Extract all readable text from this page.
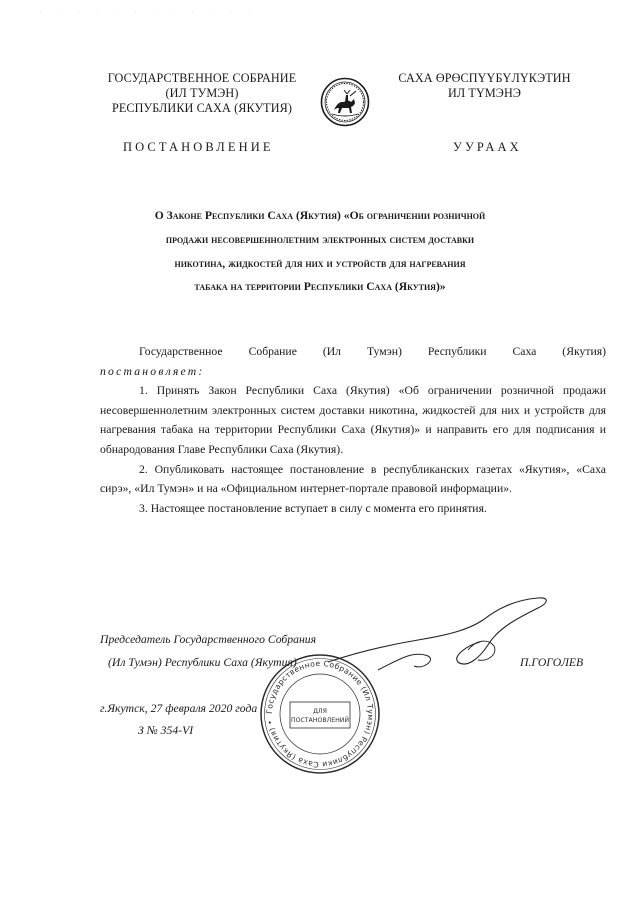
. . . . . . . . . . . .
ГОСУДАРСТВЕННОЕ СОБРАНИЕ
(ИЛ ТУМЭН)
РЕСПУБЛИКИ САХА (ЯКУТИЯ)
САХА ӨРӨСПҮҮБҮЛҮКЭТИН
ИЛ ТҮМЭНЭ
ПОСТАНОВЛЕНИЕ	УУРААХ
О Законе Республики Саха (Якутия) «Об ограничении розничной
продажи несовершеннолетним электронных систем доставки
никотина, жидкостей для них и устройств для нагревания
табака на территории Республики Саха (Якутия)»

Государственное Собрание (Ил Тумэн) Республики Саха (Якутия)

постановляет:

1. Принять Закон Республики Саха (Якутия) «Об ограничении розничной продажи несовершеннолетним электронных систем доставки никотина, жидкостей для них и устройств для нагревания табака на территории Республики Саха (Якутия)» и направить его для подписания и обнародования Главе Республики Саха (Якутия).

2. Опубликовать настоящее постановление в республиканских газетах «Якутия», «Саха сирэ», «Ил Тумэн» и на «Официальном интернет-портале правовой информации».

3. Настоящее постановление вступает в силу с момента его принятия.

Председатель Государственного Собрания
(Ил Тумэн) Республики Саха (Якутия)	П.ГОГОЛЕВ
г.Якутск, 27 февраля 2020 года
З № 354-VI
Государственное Собрание (Ил Тумэн) Республики Саха (Якутия) •
ДЛЯ
ПОСТАНОВЛЕНИЙ
